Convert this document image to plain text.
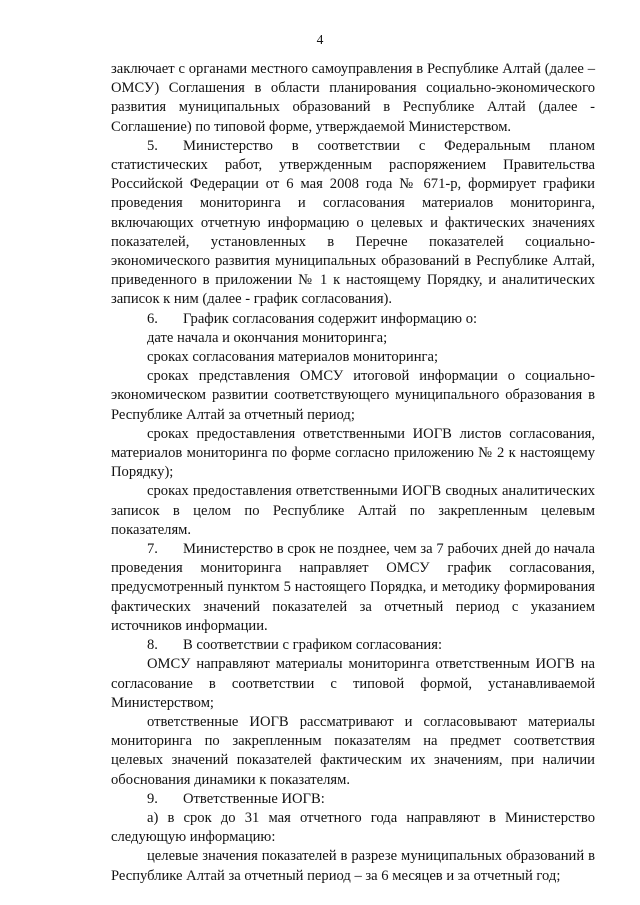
4

заключает с органами местного самоуправления в Республике Алтай (далее – ОМСУ) Соглашения в области планирования социально-экономического развития муниципальных образований в Республике Алтай (далее - Соглашение) по типовой форме, утверждаемой Министерством.

5. Министерство в соответствии с Федеральным планом статистических работ, утвержденным распоряжением Правительства Российской Федерации от 6 мая 2008 года № 671-р, формирует графики проведения мониторинга и согласования материалов мониторинга, включающих отчетную информацию о целевых и фактических значениях показателей, установленных в Перечне показателей социально-экономического развития муниципальных образований в Республике Алтай, приведенного в приложении № 1 к настоящему Порядку, и аналитических записок к ним (далее - график согласования).

6. График согласования содержит информацию о:

дате начала и окончания мониторинга;

сроках согласования материалов мониторинга;

сроках представления ОМСУ итоговой информации о социально-экономическом развитии соответствующего муниципального образования в Республике Алтай за отчетный период;

сроках предоставления ответственными ИОГВ листов согласования, материалов мониторинга по форме согласно приложению № 2 к настоящему Порядку);

сроках предоставления ответственными ИОГВ сводных аналитических записок в целом по Республике Алтай по закрепленным целевым показателям.

7. Министерство в срок не позднее, чем за 7 рабочих дней до начала проведения мониторинга направляет ОМСУ график согласования, предусмотренный пунктом 5 настоящего Порядка, и методику формирования фактических значений показателей за отчетный период с указанием источников информации.

8. В соответствии с графиком согласования:

ОМСУ направляют материалы мониторинга ответственным ИОГВ на согласование в соответствии с типовой формой, устанавливаемой Министерством;

ответственные ИОГВ рассматривают и согласовывают материалы мониторинга по закрепленным показателям на предмет соответствия целевых значений показателей фактическим их значениям, при наличии обоснования динамики к показателям.

9. Ответственные ИОГВ:

а) в срок до 31 мая отчетного года направляют в Министерство следующую информацию:

целевые значения показателей в разрезе муниципальных образований в Республике Алтай за отчетный период – за 6 месяцев и за отчетный год;
